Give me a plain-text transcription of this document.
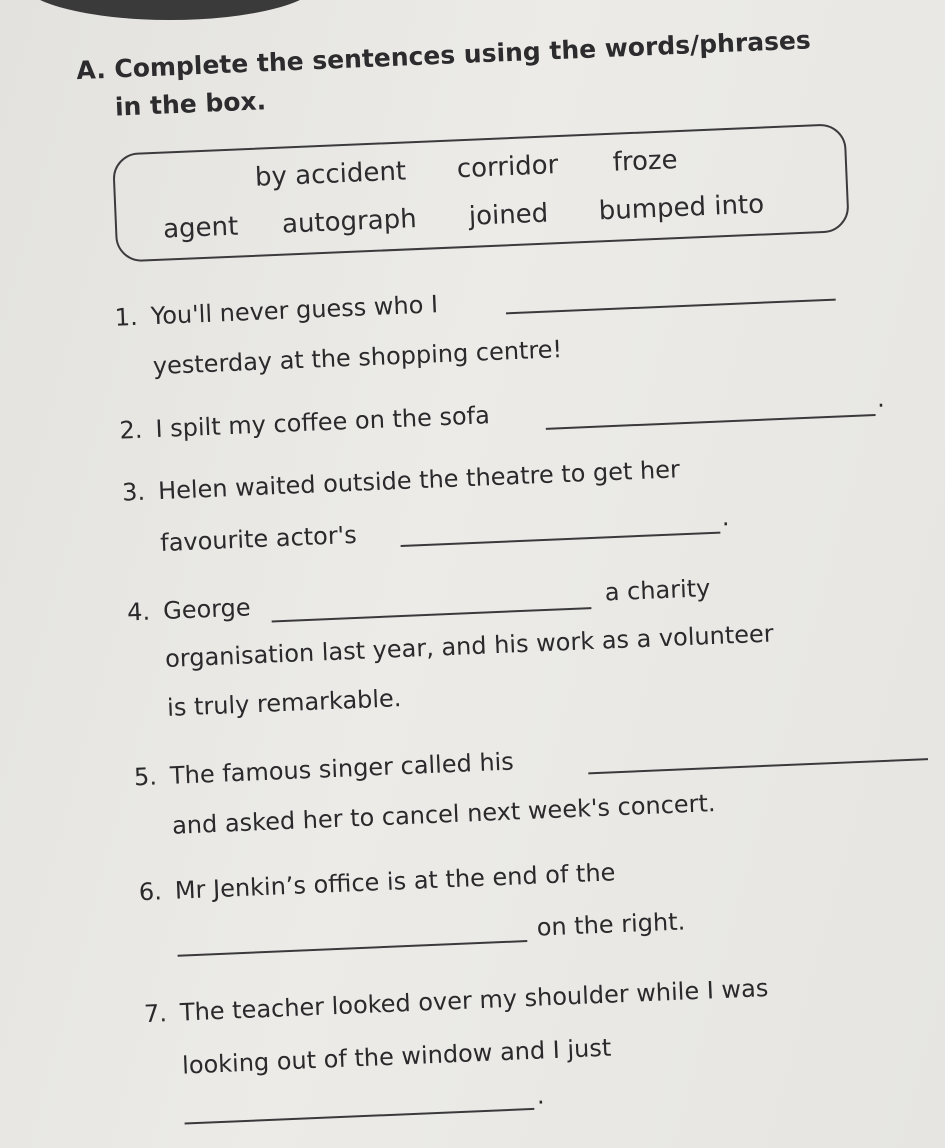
A. Complete the sentences using the words/phrases
in the box.
by accident corridor froze
agent autograph joined bumped into
1. You'll never guess who I
yesterday at the shopping centre!
2. I spilt my coffee on the sofa
.
3. Helen waited outside the theatre to get her
favourite actor's
.
4. George
a charity
organisation last year, and his work as a volunteer
is truly remarkable.
5. The famous singer called his
and asked her to cancel next week's concert.
6. Mr Jenkin’s office is at the end of the
on the right.
7. The teacher looked over my shoulder while I was
looking out of the window and I just
.
